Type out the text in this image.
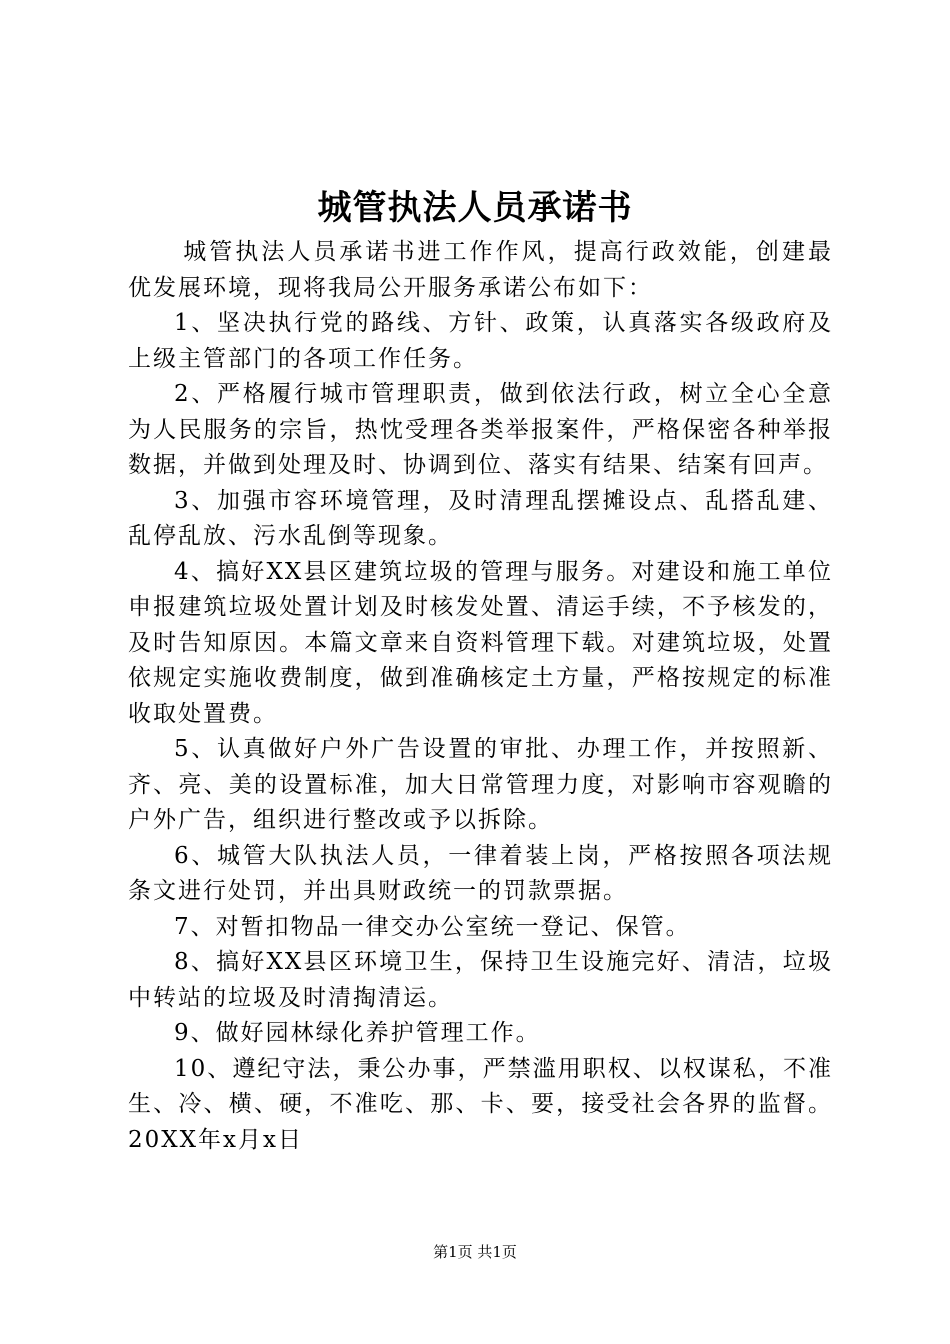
城管执法人员承诺书

城管执法人员承诺书进工作作风，提高行政效能，创建最优发展环境，现将我局公开服务承诺公布如下：

1、坚决执行党的路线、方针、政策，认真落实各级政府及上级主管部门的各项工作任务。

2、严格履行城市管理职责，做到依法行政，树立全心全意为人民服务的宗旨，热忱受理各类举报案件，严格保密各种举报数据，并做到处理及时、协调到位、落实有结果、结案有回声。

3、加强市容环境管理，及时清理乱摆摊设点、乱搭乱建、乱停乱放、污水乱倒等现象。

4、搞好XX县区建筑垃圾的管理与服务。对建设和施工单位申报建筑垃圾处置计划及时核发处置、清运手续，不予核发的，及时告知原因。本篇文章来自资料管理下载。对建筑垃圾，处置依规定实施收费制度，做到准确核定土方量，严格按规定的标准收取处置费。

5、认真做好户外广告设置的审批、办理工作，并按照新、齐、亮、美的设置标准，加大日常管理力度，对影响市容观瞻的户外广告，组织进行整改或予以拆除。

6、城管大队执法人员，一律着装上岗，严格按照各项法规条文进行处罚，并出具财政统一的罚款票据。

7、对暂扣物品一律交办公室统一登记、保管。

8、搞好XX县区环境卫生，保持卫生设施完好、清洁，垃圾中转站的垃圾及时清掏清运。

9、做好园林绿化养护管理工作。

10、遵纪守法，秉公办事，严禁滥用职权、以权谋私，不准生、冷、横、硬，不准吃、那、卡、要，接受社会各界的监督。20XX年x月x日

第1页 共1页
